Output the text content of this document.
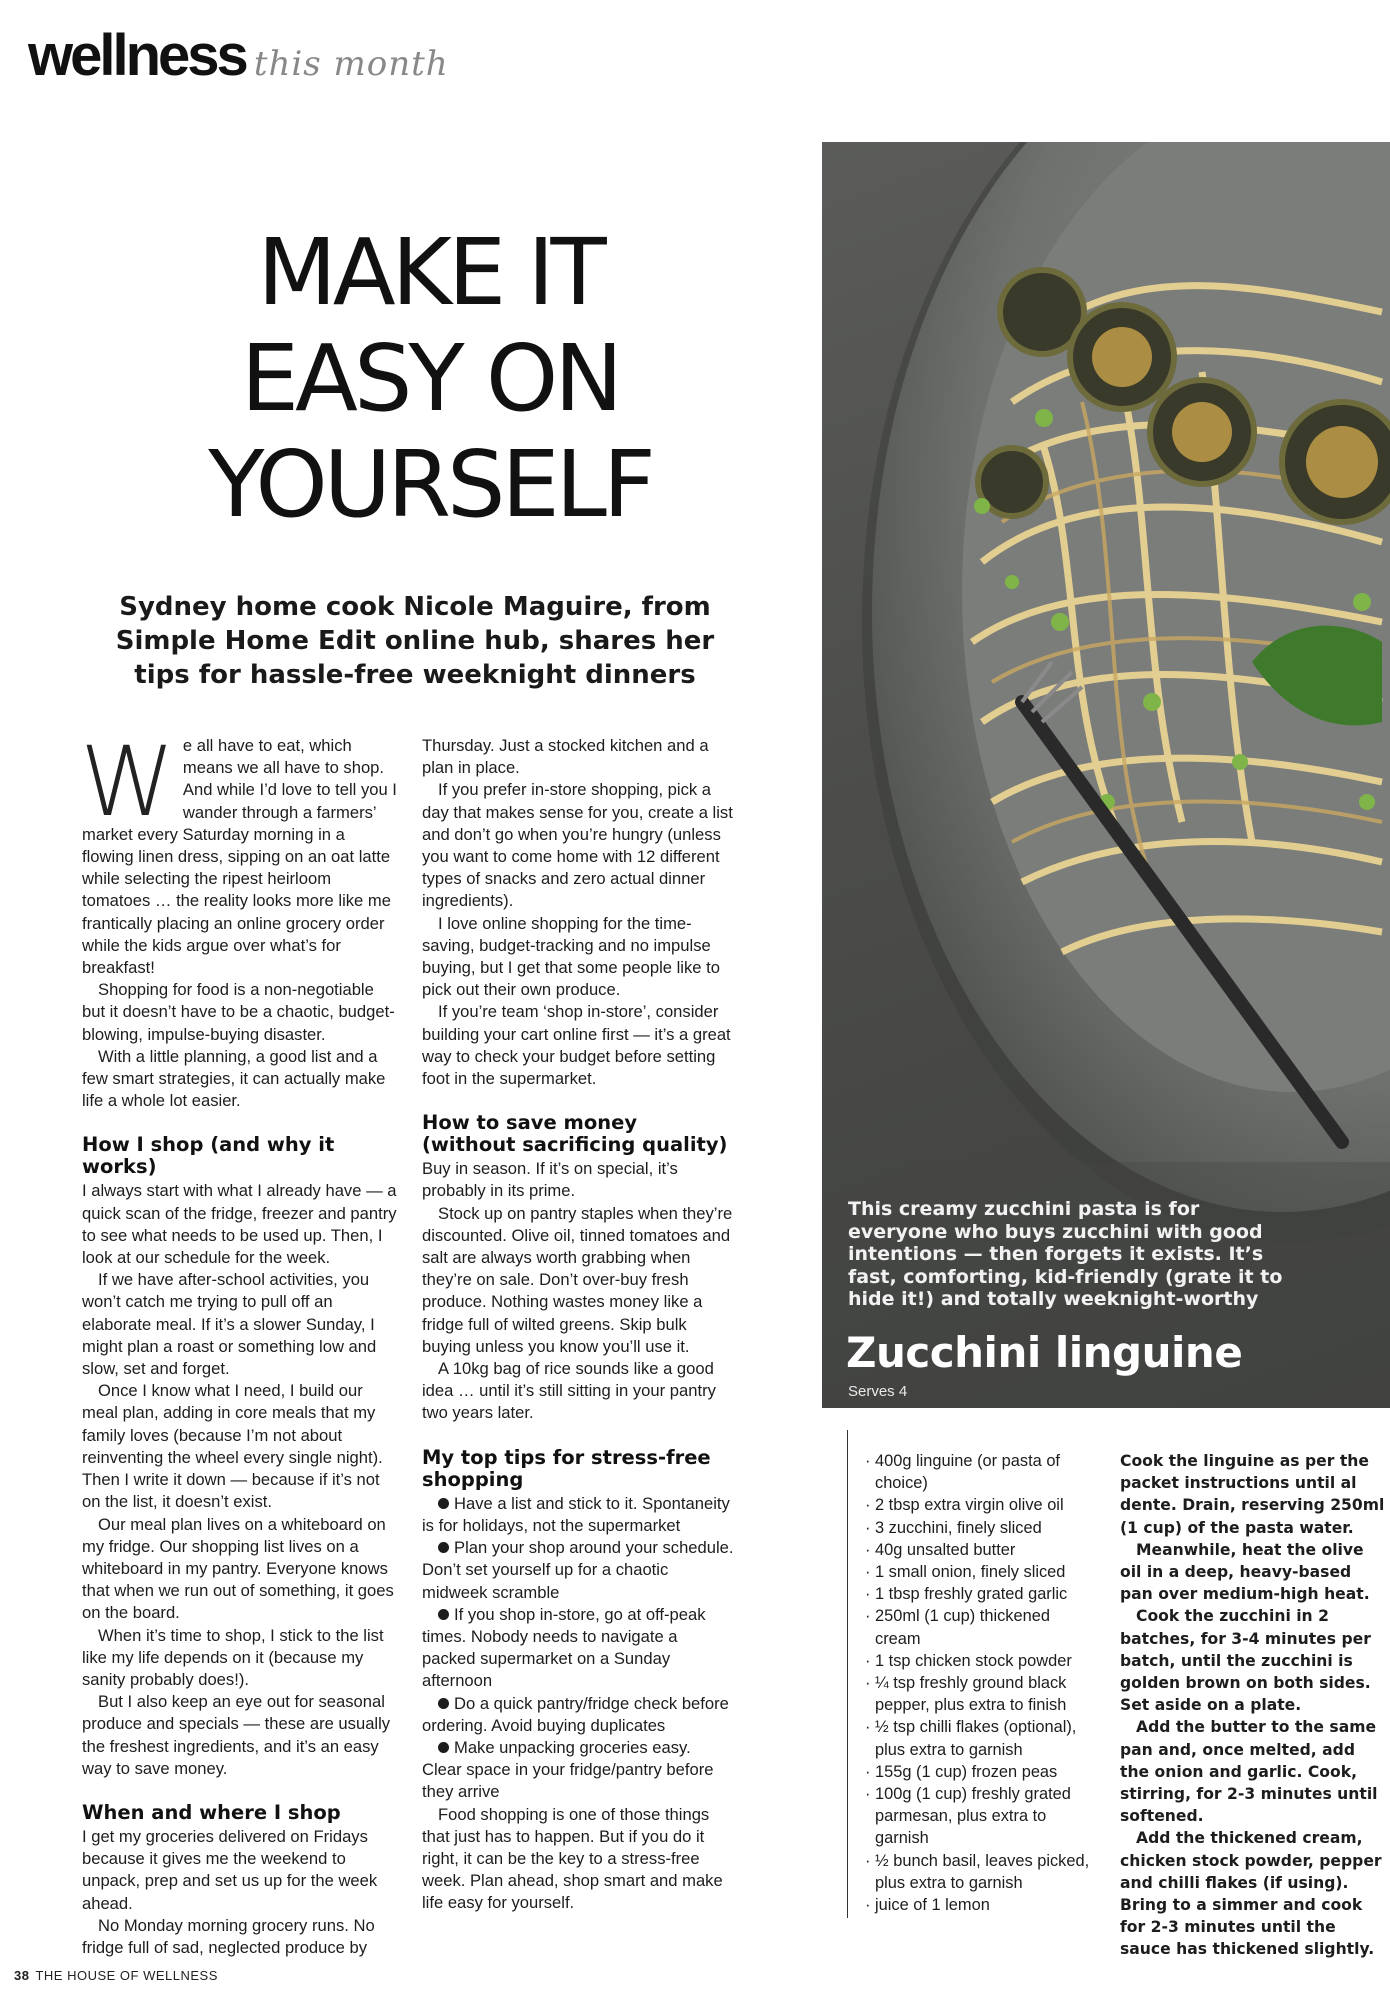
wellness this month
MAKE IT
EASY ON
YOURSELF

Sydney home cook Nicole Maguire, from Simple Home Edit online hub, shares her tips for hassle-free weeknight dinners

We all have to eat, which means we all have to shop. And while I’d love to tell you I wander through a farmers’ market every Saturday morning in a flowing linen dress, sipping on an oat latte while selecting the ripest heirloom tomatoes … the reality looks more like me frantically placing an online grocery order while the kids argue over what’s for breakfast!

Shopping for food is a non-negotiable but it doesn’t have to be a chaotic, budget-blowing, impulse-buying disaster.

With a little planning, a good list and a few smart strategies, it can actually make life a whole lot easier.

How I shop (and why it works)

I always start with what I already have — a quick scan of the fridge, freezer and pantry to see what needs to be used up. Then, I look at our schedule for the week.

If we have after-school activities, you won’t catch me trying to pull off an elaborate meal. If it’s a slower Sunday, I might plan a roast or something low and slow, set and forget.

Once I know what I need, I build our meal plan, adding in core meals that my family loves (because I’m not about reinventing the wheel every single night). Then I write it down — because if it’s not on the list, it doesn’t exist.

Our meal plan lives on a whiteboard on my fridge. Our shopping list lives on a whiteboard in my pantry. Everyone knows that when we run out of something, it goes on the board.

When it’s time to shop, I stick to the list like my life depends on it (because my sanity probably does!).

But I also keep an eye out for seasonal produce and specials — these are usually the freshest ingredients, and it’s an easy way to save money.

When and where I shop

I get my groceries delivered on Fridays because it gives me the weekend to unpack, prep and set us up for the week ahead.

No Monday morning grocery runs. No fridge full of sad, neglected produce by

Thursday. Just a stocked kitchen and a plan in place.

If you prefer in-store shopping, pick a day that makes sense for you, create a list and don’t go when you’re hungry (unless you want to come home with 12 different types of snacks and zero actual dinner ingredients).

I love online shopping for the time-saving, budget-tracking and no impulse buying, but I get that some people like to pick out their own produce.

If you’re team ‘shop in-store’, consider building your cart online first — it’s a great way to check your budget before setting foot in the supermarket.

How to save money (without sacrificing quality)

Buy in season. If it’s on special, it’s probably in its prime.

Stock up on pantry staples when they’re discounted. Olive oil, tinned tomatoes and salt are always worth grabbing when they’re on sale. Don’t over-buy fresh produce. Nothing wastes money like a fridge full of wilted greens. Skip bulk buying unless you know you’ll use it.

A 10kg bag of rice sounds like a good idea … until it’s still sitting in your pantry two years later.

My top tips for stress-free shopping

Have a list and stick to it. Spontaneity is for holidays, not the supermarket

Plan your shop around your schedule. Don’t set yourself up for a chaotic midweek scramble

If you shop in-store, go at off-peak times. Nobody needs to navigate a packed supermarket on a Sunday afternoon

Do a quick pantry/fridge check before ordering. Avoid buying duplicates

Make unpacking groceries easy. Clear space in your fridge/pantry before they arrive

Food shopping is one of those things that just has to happen. But if you do it right, it can be the key to a stress-free week. Plan ahead, shop smart and make life easy for yourself.

This creamy zucchini pasta is for everyone who buys zucchini with good intentions — then forgets it exists. It’s fast, comforting, kid-friendly (grate it to hide it!) and totally weeknight-worthy

Zucchini linguine

Serves 4

· 400g linguine (or pasta of choice)
· 2 tbsp extra virgin olive oil
· 3 zucchini, finely sliced
· 40g unsalted butter
· 1 small onion, finely sliced
· 1 tbsp freshly grated garlic
· 250ml (1 cup) thickened cream
· 1 tsp chicken stock powder
· ¼ tsp freshly ground black pepper, plus extra to finish
· ½ tsp chilli flakes (optional), plus extra to garnish
· 155g (1 cup) frozen peas
· 100g (1 cup) freshly grated parmesan, plus extra to garnish
· ½ bunch basil, leaves picked, plus extra to garnish
· juice of 1 lemon

Cook the linguine as per the packet instructions until al dente. Drain, reserving 250ml (1 cup) of the pasta water.

Meanwhile, heat the olive oil in a deep, heavy-based pan over medium-high heat.

Cook the zucchini in 2 batches, for 3-4 minutes per batch, until the zucchini is golden brown on both sides. Set aside on a plate.

Add the butter to the same pan and, once melted, add the onion and garlic. Cook, stirring, for 2-3 minutes until softened.

Add the thickened cream, chicken stock powder, pepper and chilli flakes (if using). Bring to a simmer and cook for 2-3 minutes until the sauce has thickened slightly.

38 THE HOUSE OF WELLNESS
